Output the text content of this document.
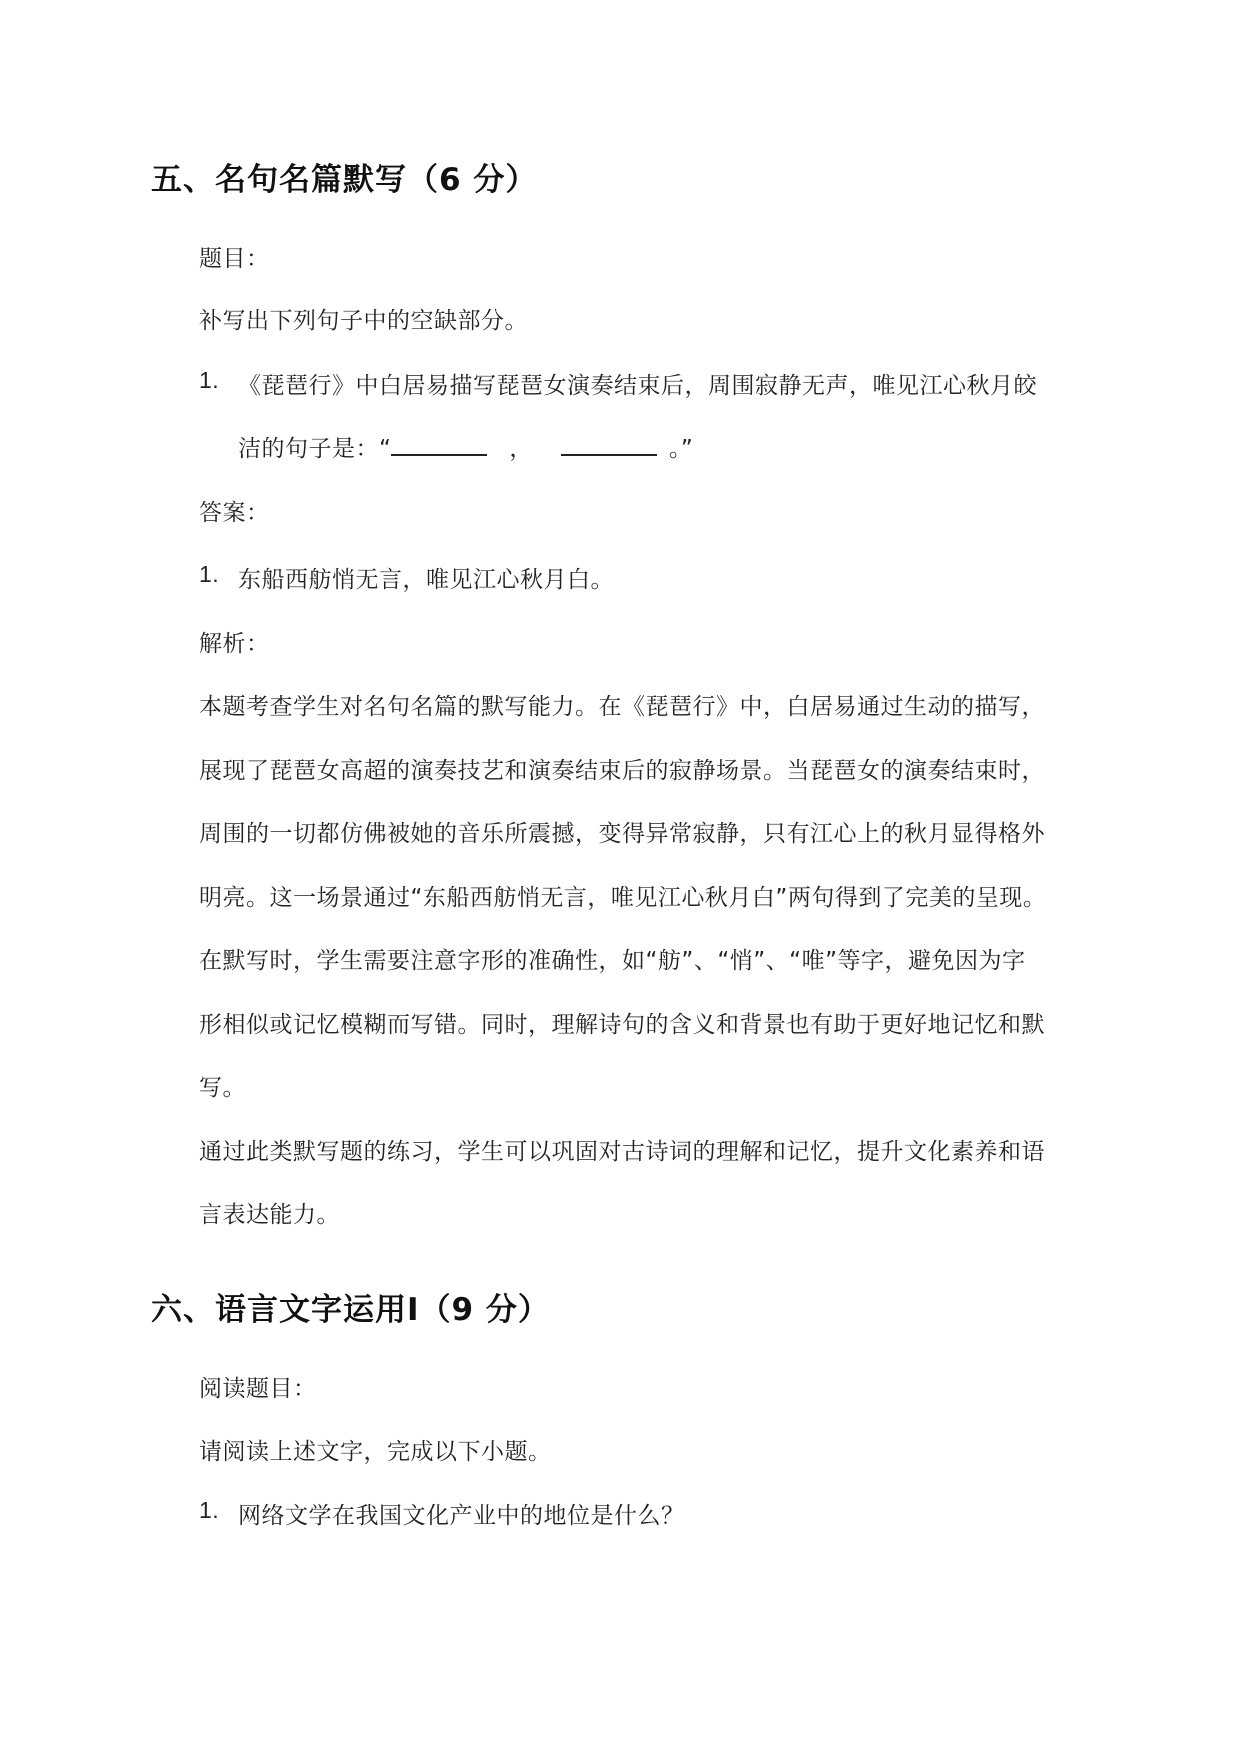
五、名句名篇默写（6 分）
题目：
补写出下列句子中的空缺部分。
1. 《琵琶行》中白居易描写琵琶女演奏结束后，周围寂静无声，唯见江心秋月皎
洁的句子是：“	，	。”
答案：
1. 东船西舫悄无言，唯见江心秋月白。
解析：
本题考查学生对名句名篇的默写能力。在《琵琶行》中，白居易通过生动的描写，
展现了琵琶女高超的演奏技艺和演奏结束后的寂静场景。当琵琶女的演奏结束时，
周围的一切都仿佛被她的音乐所震撼，变得异常寂静，只有江心上的秋月显得格外
明亮。这一场景通过“东船西舫悄无言，唯见江心秋月白”两句得到了完美的呈现。
在默写时，学生需要注意字形的准确性，如“舫”、“悄”、“唯”等字，避免因为字
形相似或记忆模糊而写错。同时，理解诗句的含义和背景也有助于更好地记忆和默
写。
通过此类默写题的练习，学生可以巩固对古诗词的理解和记忆，提升文化素养和语
言表达能力。
六、语言文字运用Ⅰ（9 分）
阅读题目：
请阅读上述文字，完成以下小题。
1. 网络文学在我国文化产业中的地位是什么？
